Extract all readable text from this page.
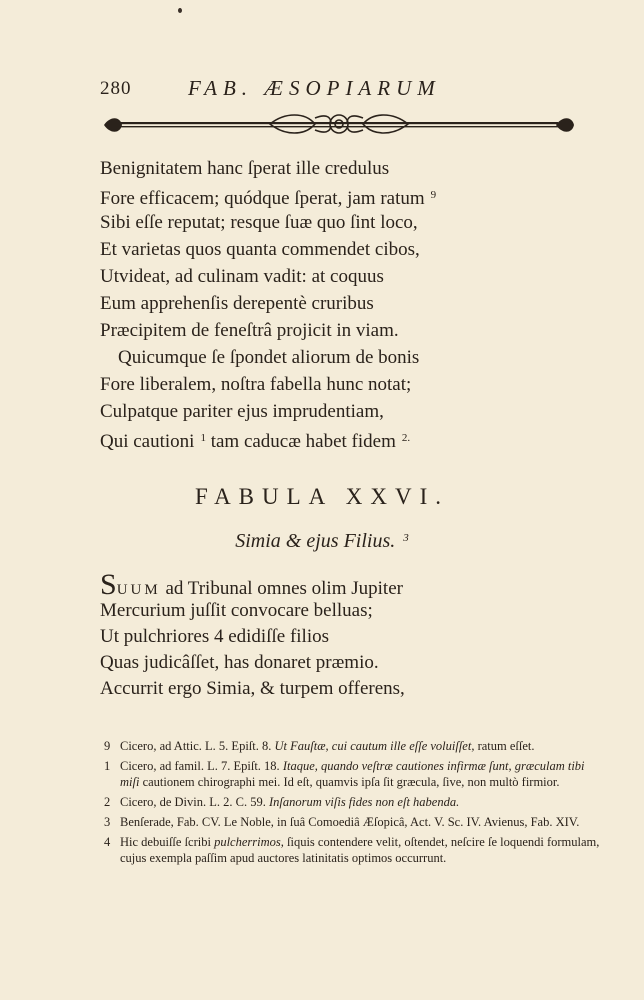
280	FAB. ÆSOPIARUM
Benignitatem hanc ſperat ille credulus
Fore efficacem; quódque ſperat, jam ratum $^9$
Sibi eſſe reputat; resque ſuæ quo ſint loco,
Et varietas quos quanta commendet cibos,
Utvideat, ad culinam vadit: at coquus
Eum apprehenſis derepentè cruribus
Præcipitem de feneſtrâ projicit in viam.
Quicumque ſe ſpondet aliorum de bonis
Fore liberalem, noſtra fabella hunc notat;
Culpatque pariter ejus imprudentiam,
Qui cautioni $^1$ tam caducæ habet fidem $^{2.}$
FABULA XXVI.
Simia & ejus Filius. $^3$
SUUM ad Tribunal omnes olim Jupiter
Mercurium juſſit convocare belluas;
Ut pulchriores 4 edidiſſe filios
Quas judicâſſet, has donaret præmio.
Accurrit ergo Simia, & turpem offerens,
9 Cicero, ad Attic. L. 5. Epiſt. 8. Ut Fauſtæ, cui cautum ille eſſe voluiſſet, ratum eſſet.
1 Cicero, ad famil. L. 7. Epiſt. 18. Itaque, quando veſtræ cautiones infirmæ ſunt, græculam tibi miſi cautionem chirographi mei. Id eſt, quamvis ipſa ſit græcula, ſive, non multò firmior.
2 Cicero, de Divin. L. 2. C. 59. Inſanorum viſis fides non eſt habenda.
3 Benſerade, Fab. CV. Le Noble, in ſuâ Comoediâ Æſopicâ, Act. V. Sc. IV. Avienus, Fab. XIV.
4 Hic debuiſſe ſcribi pulcherrimos, ſiquis contendere velit, oſtendet, neſcire ſe loquendi formulam, cujus exempla paſſim apud auctores latinitatis optimos occurrunt.
